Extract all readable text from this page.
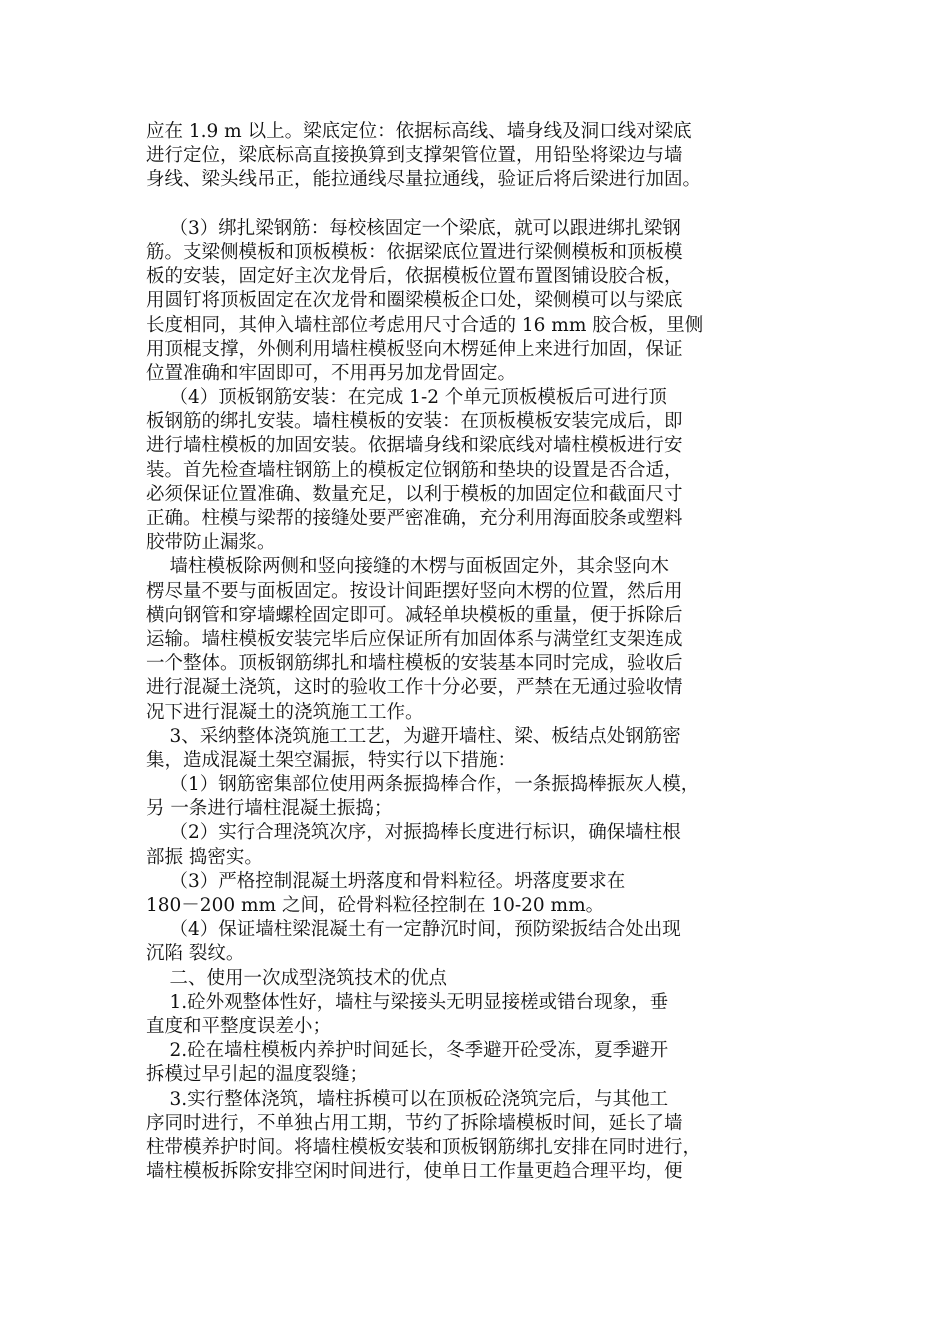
应在 1.9 m 以上。梁底定位：依据标高线、墙身线及洞口线对梁底
进行定位，梁底标高直接换算到支撑架管位置，用铅坠将梁边与墙
身线、梁头线吊正，能拉通线尽量拉通线，验证后将后梁进行加固。
（3）绑扎梁钢筋：每校核固定一个梁底，就可以跟进绑扎梁钢
筋。支梁侧模板和顶板模板：依据梁底位置进行梁侧模板和顶板模
板的安装，固定好主次龙骨后，依据模板位置布置图铺设胶合板，
用圆钉将顶板固定在次龙骨和圈梁模板企口处，梁侧模可以与梁底
长度相同，其伸入墙柱部位考虑用尺寸合适的 16 mm 胶合板，里侧
用顶棍支撑，外侧利用墙柱模板竖向木楞延伸上来进行加固，保证
位置准确和牢固即可，不用再另加龙骨固定。
（4）顶板钢筋安装：在完成 1-2 个单元顶板模板后可进行顶
板钢筋的绑扎安装。墙柱模板的安装：在顶板模板安装完成后，即
进行墙柱模板的加固安装。依据墙身线和梁底线对墙柱模板进行安
装。首先检查墙柱钢筋上的模板定位钢筋和垫块的设置是否合适，
必须保证位置准确、数量充足，以利于模板的加固定位和截面尺寸
正确。柱模与梁帮的接缝处要严密准确，充分利用海面胶条或塑料
胶带防止漏浆。
墙柱模板除两侧和竖向接缝的木楞与面板固定外，其余竖向木
楞尽量不要与面板固定。按设计间距摆好竖向木楞的位置，然后用
横向钢管和穿墙螺栓固定即可。减轻单块模板的重量，便于拆除后
运输。墙柱模板安装完毕后应保证所有加固体系与满堂红支架连成
一个整体。顶板钢筋绑扎和墙柱模板的安装基本同时完成，验收后
进行混凝土浇筑，这时的验收工作十分必要，严禁在无通过验收情
况下进行混凝土的浇筑施工工作。
3、采纳整体浇筑施工工艺，为避开墙柱、梁、板结点处钢筋密
集，造成混凝土架空漏振，特实行以下措施：
（1）钢筋密集部位使用两条振捣棒合作，一条振捣棒振灰人模，
另 一条进行墙柱混凝土振捣；
（2）实行合理浇筑次序，对振捣棒长度进行标识，确保墙柱根
部振 捣密实。
（3）严格控制混凝土坍落度和骨料粒径。坍落度要求在
180－200 mm 之间，砼骨料粒径控制在 10-20 mm。
（4）保证墙柱梁混凝土有一定静沉时间，预防梁扳结合处出现
沉陷 裂纹。
二、使用一次成型浇筑技术的优点
1.砼外观整体性好，墙柱与梁接头无明显接槎或错台现象，垂
直度和平整度误差小；
2.砼在墙柱模板内养护时间延长，冬季避开砼受冻，夏季避开
拆模过早引起的温度裂缝；
3.实行整体浇筑，墙柱拆模可以在顶板砼浇筑完后，与其他工
序同时进行，不单独占用工期，节约了拆除墙模板时间，延长了墙
柱带模养护时间。将墙柱模板安装和顶板钢筋绑扎安排在同时进行，
墙柱模板拆除安排空闲时间进行，使单日工作量更趋合理平均，便
